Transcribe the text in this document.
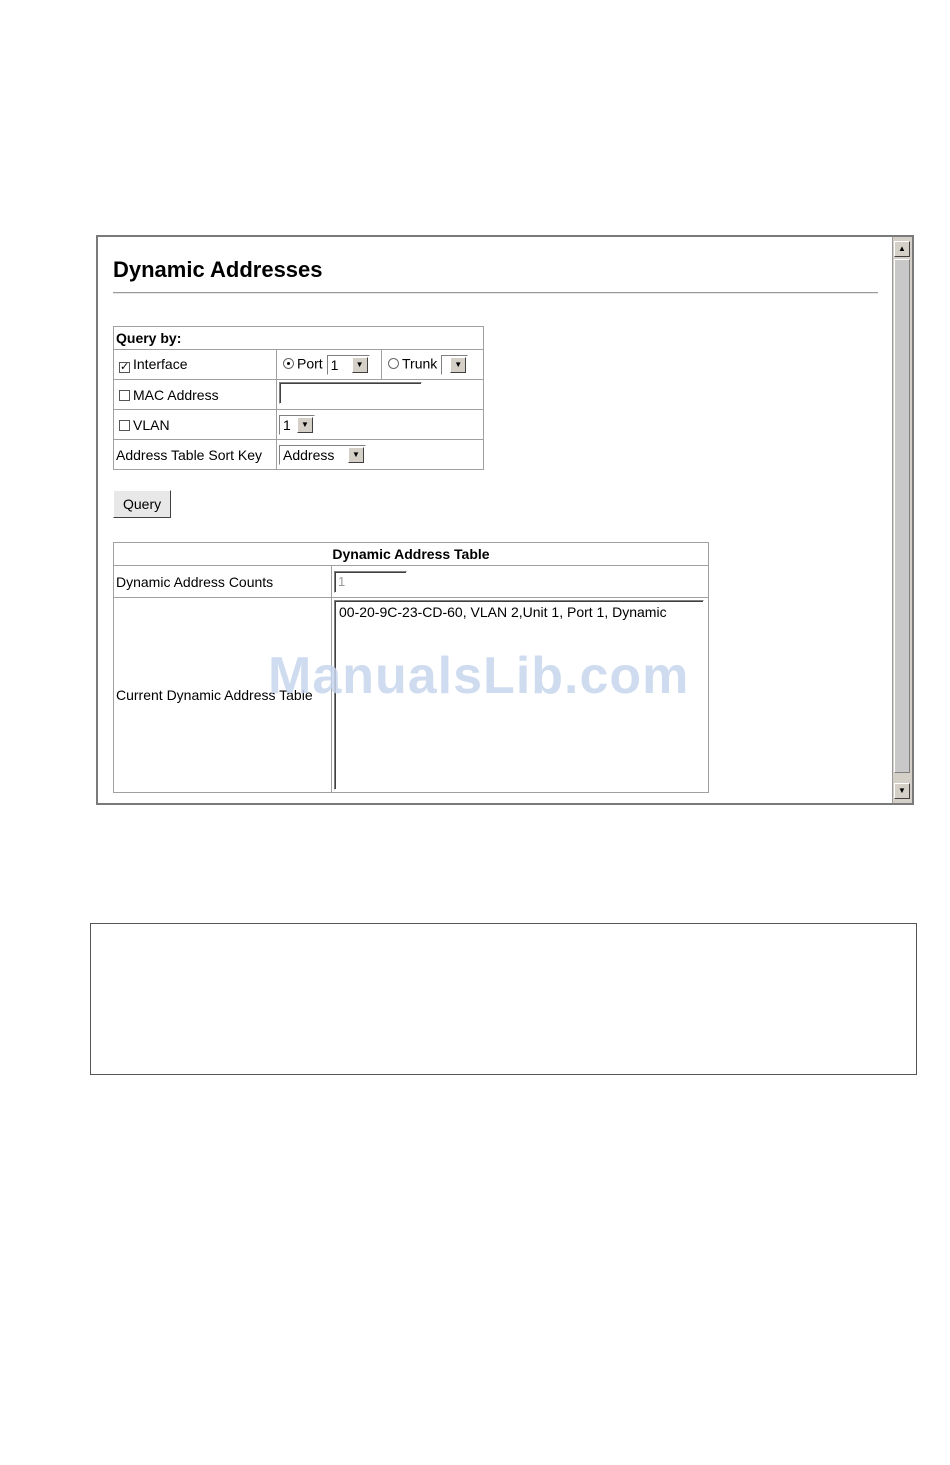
Dynamic Addresses
Query by:		
✓ Interface	Port 1 ▼	Trunk ▼

MAC Address		
VLAN	1 ▼	

Address Table Sort Key	Address ▼	
Query
Dynamic Address Table	
Dynamic Address Counts	1
Current Dynamic Address Table	00-20-9C-23-CD-60, VLAN 2,Unit 1, Port 1, Dynamic
▲
▼
ManualsLib.com
